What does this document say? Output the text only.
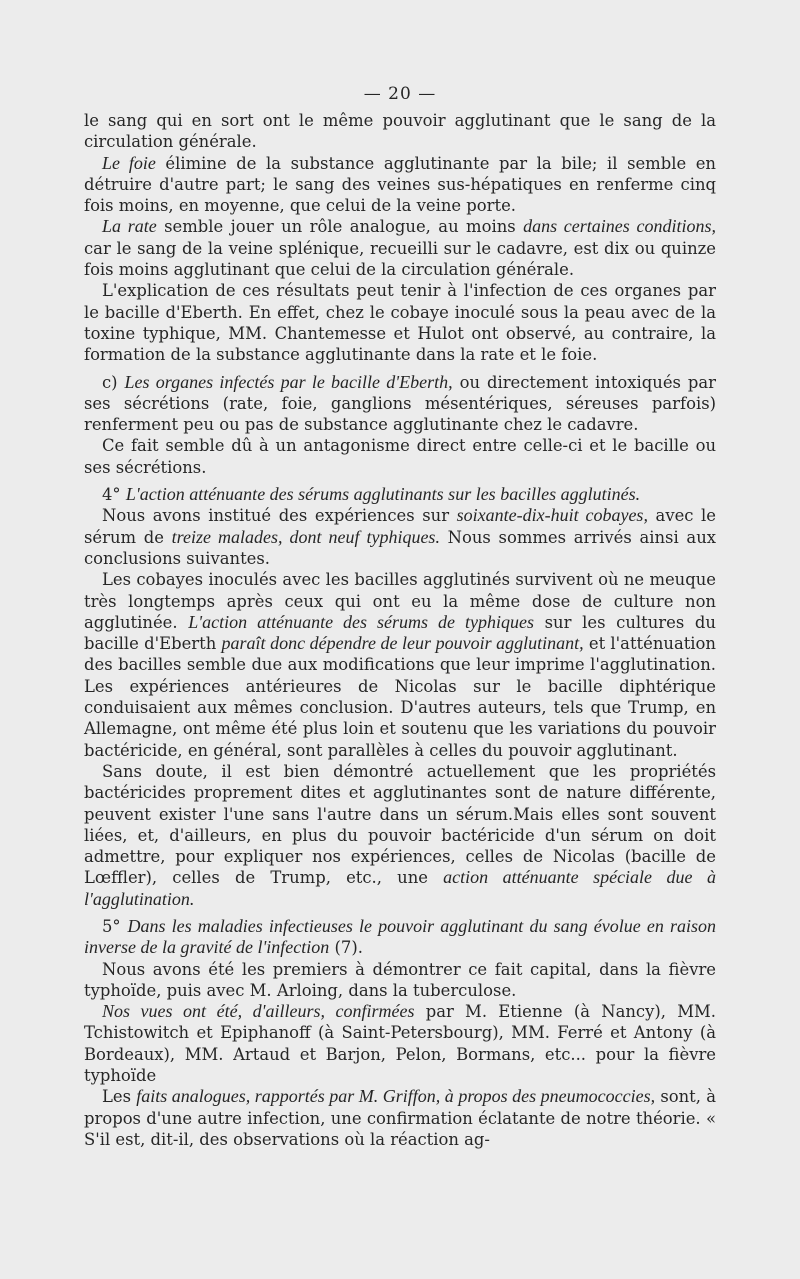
— 20 —

le sang qui en sort ont le même pouvoir agglutinant que le sang de la circulation générale.

Le foie élimine de la substance agglutinante par la bile; il semble en détruire d'autre part; le sang des veines sus-hépatiques en renferme cinq fois moins, en moyenne, que celui de la veine porte.

La rate semble jouer un rôle analogue, au moins dans certaines conditions, car le sang de la veine splénique, recueilli sur le cadavre, est dix ou quinze fois moins agglutinant que celui de la circulation générale.

L'explication de ces résultats peut tenir à l'infection de ces organes par le bacille d'Eberth. En effet, chez le cobaye inoculé sous la peau avec de la toxine typhique, MM. Chantemesse et Hulot ont observé, au contraire, la formation de la substance agglutinante dans la rate et le foie.

c) Les organes infectés par le bacille d'Eberth, ou directement intoxiqués par ses sécrétions (rate, foie, ganglions mésentériques, séreuses parfois) renferment peu ou pas de substance agglutinante chez le cadavre.

Ce fait semble dû à un antagonisme direct entre celle-ci et le bacille ou ses sécrétions.

4° L'action atténuante des sérums agglutinants sur les bacilles agglutinés.

Nous avons institué des expériences sur soixante-dix-huit cobayes, avec le sérum de treize malades, dont neuf typhiques. Nous sommes arrivés ainsi aux conclusions suivantes.

Les cobayes inoculés avec les bacilles agglutinés survivent où ne meuque très longtemps après ceux qui ont eu la même dose de culture non agglutinée. L'action atténuante des sérums de typhiques sur les cultures du bacille d'Eberth paraît donc dépendre de leur pouvoir agglutinant, et l'atténuation des bacilles semble due aux modifications que leur imprime l'agglutination. Les expériences antérieures de Nicolas sur le bacille diphtérique conduisaient aux mêmes conclusion. D'autres auteurs, tels que Trump, en Allemagne, ont même été plus loin et soutenu que les variations du pouvoir bactéricide, en général, sont parallèles à celles du pouvoir agglutinant.

Sans doute, il est bien démontré actuellement que les propriétés bactéricides proprement dites et agglutinantes sont de nature différente, peuvent exister l'une sans l'autre dans un sérum.Mais elles sont souvent liées, et, d'ailleurs, en plus du pouvoir bactéricide d'un sérum on doit admettre, pour expliquer nos expériences, celles de Nicolas (bacille de Lœffler), celles de Trump, etc., une action atténuante spéciale due à l'agglutination.

5° Dans les maladies infectieuses le pouvoir agglutinant du sang évolue en raison inverse de la gravité de l'infection (7).

Nous avons été les premiers à démontrer ce fait capital, dans la fièvre typhoïde, puis avec M. Arloing, dans la tuberculose.

Nos vues ont été, d'ailleurs, confirmées par M. Etienne (à Nancy), MM. Tchistowitch et Epiphanoff (à Saint-Petersbourg), MM. Ferré et Antony (à Bordeaux), MM. Artaud et Barjon, Pelon, Bormans, etc... pour la fièvre typhoïde

Les faits analogues, rapportés par M. Griffon, à propos des pneumococcies, sont, à propos d'une autre infection, une confirmation éclatante de notre théorie. « S'il est, dit-il, des observations où la réaction ag-
